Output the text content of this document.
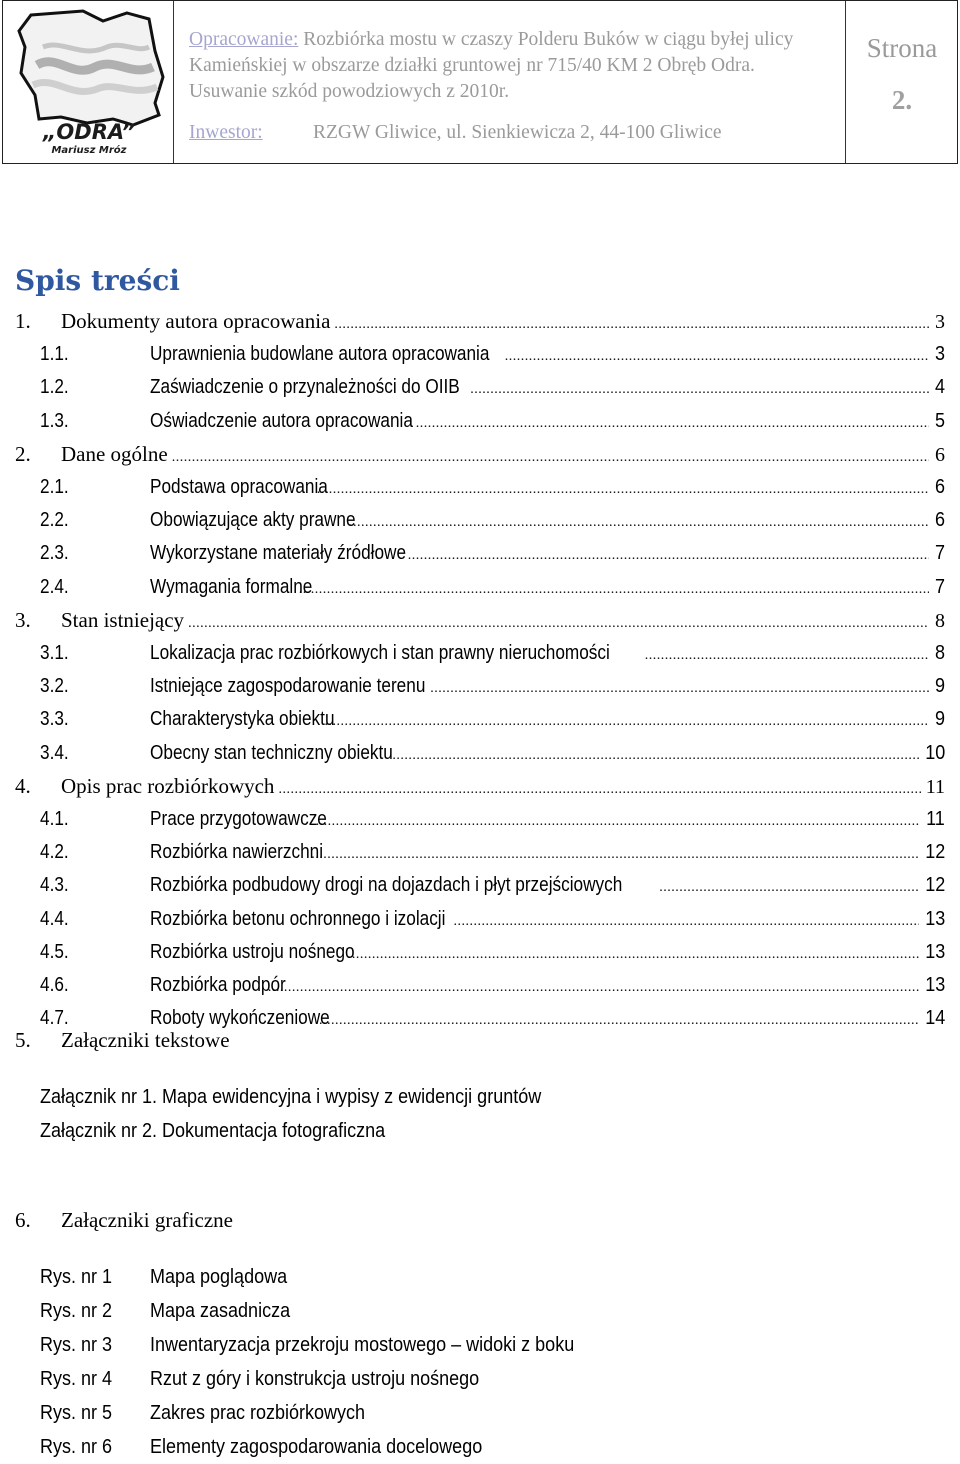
„ODRA”
Mariusz Mróz
Opracowanie: Rozbiórka mostu w czaszy Polderu Buków w ciągu byłej ulicy Kamieńskiej w obszarze działki gruntowej nr 715/40 KM 2 Obręb Odra. Usuwanie szkód powodziowych z 2010r.
Inwestor:	RZGW Gliwice, ul. Sienkiewicza 2, 44-100 Gliwice
Strona
2.
Spis treści
1.	Dokumenty autora opracowania .....	3
1.1.	Uprawnienia budowlane autora opracowania .....	3
1.2.	Zaświadczenie o przynależności do OIIB .....	4
1.3.	Oświadczenie autora opracowania .....	5
2.	Dane ogólne .....	6
2.1.	Podstawa opracowania .....	6
2.2.	Obowiązujące akty prawne .....	6
2.3.	Wykorzystane materiały źródłowe .....	7
2.4.	Wymagania formalne .....	7
3.	Stan istniejący .....	8
3.1.	Lokalizacja prac rozbiórkowych i stan prawny nieruchomości .....	8
3.2.	Istniejące zagospodarowanie terenu .....	9
3.3.	Charakterystyka obiektu .....	9
3.4.	Obecny stan techniczny obiektu .....	10
4.	Opis prac rozbiórkowych .....	11
4.1.	Prace przygotowawcze .....	11
4.2.	Rozbiórka nawierzchni .....	12
4.3.	Rozbiórka podbudowy drogi na dojazdach i płyt przejściowych .....	12
4.4.	Rozbiórka betonu ochronnego i izolacji .....	13
4.5.	Rozbiórka ustroju nośnego .....	13
4.6.	Rozbiórka podpór .....	13
4.7.	Roboty wykończeniowe .....	14
5. Załączniki tekstowe
Załącznik nr 1. Mapa ewidencyjna i wypisy z ewidencji gruntów
Załącznik nr 2. Dokumentacja fotograficzna
6. Załączniki graficzne
Rys. nr 1 Mapa poglądowa
Rys. nr 2 Mapa zasadnicza
Rys. nr 3 Inwentaryzacja przekroju mostowego – widoki z boku
Rys. nr 4 Rzut z góry i konstrukcja ustroju nośnego
Rys. nr 5 Zakres prac rozbiórkowych
Rys. nr 6 Elementy zagospodarowania docelowego
